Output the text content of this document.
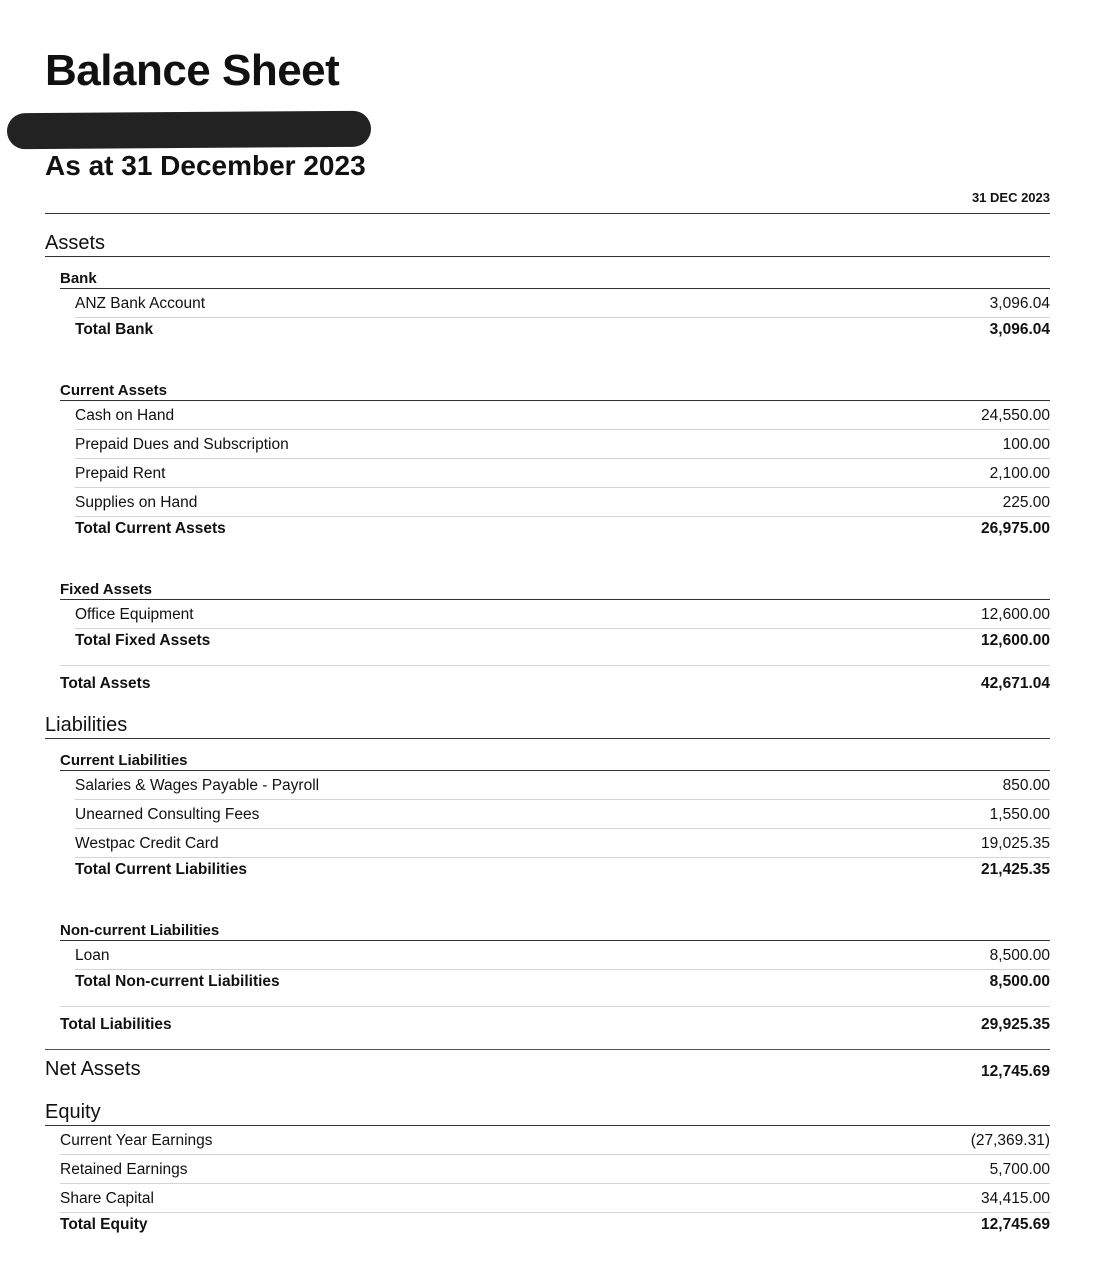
Balance Sheet
As at 31 December 2023
31 DEC 2023
Assets
Bank
ANZ Bank Account	3,096.04
Total Bank	3,096.04
Current Assets
Cash on Hand	24,550.00
Prepaid Dues and Subscription	100.00
Prepaid Rent	2,100.00
Supplies on Hand	225.00
Total Current Assets	26,975.00
Fixed Assets
Office Equipment	12,600.00
Total Fixed Assets	12,600.00
Total Assets	42,671.04
Liabilities
Current Liabilities
Salaries & Wages Payable - Payroll	850.00
Unearned Consulting Fees	1,550.00
Westpac Credit Card	19,025.35
Total Current Liabilities	21,425.35
Non-current Liabilities
Loan	8,500.00
Total Non-current Liabilities	8,500.00
Total Liabilities	29,925.35
Net Assets	12,745.69
Equity
Current Year Earnings	(27,369.31)
Retained Earnings	5,700.00
Share Capital	34,415.00
Total Equity	12,745.69
